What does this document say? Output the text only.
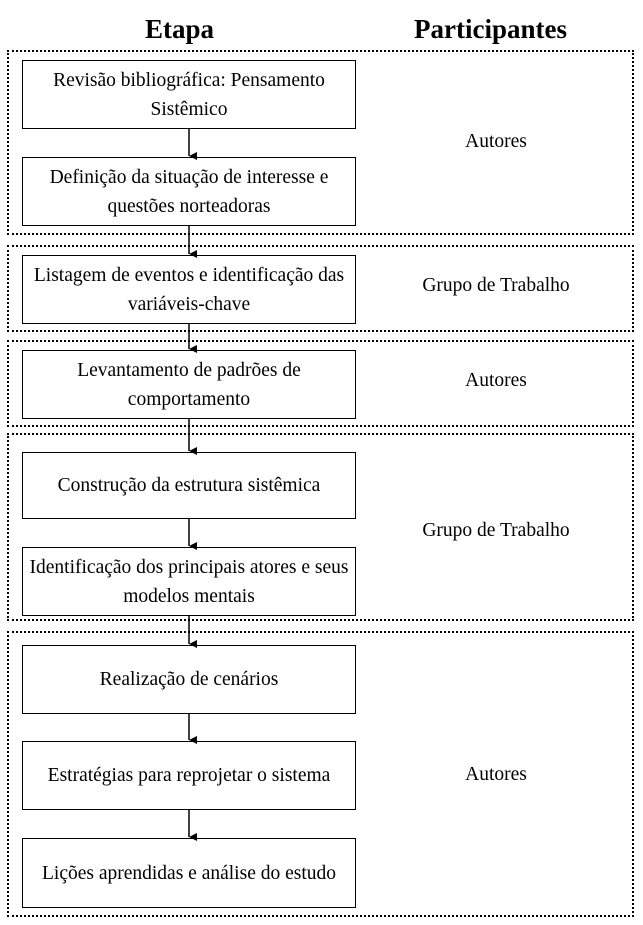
Etapa	Participantes
Revisão bibliográfica: Pensamento Sistêmico
Definição da situação de interesse e questões norteadoras
Autores
Listagem de eventos e identificação das variáveis-chave
Grupo de Trabalho
Levantamento de padrões de comportamento
Autores
Construção da estrutura sistêmica
Identificação dos principais atores e seus modelos mentais
Grupo de Trabalho
Realização de cenários
Estratégias para reprojetar o sistema
Lições aprendidas e análise do estudo
Autores
